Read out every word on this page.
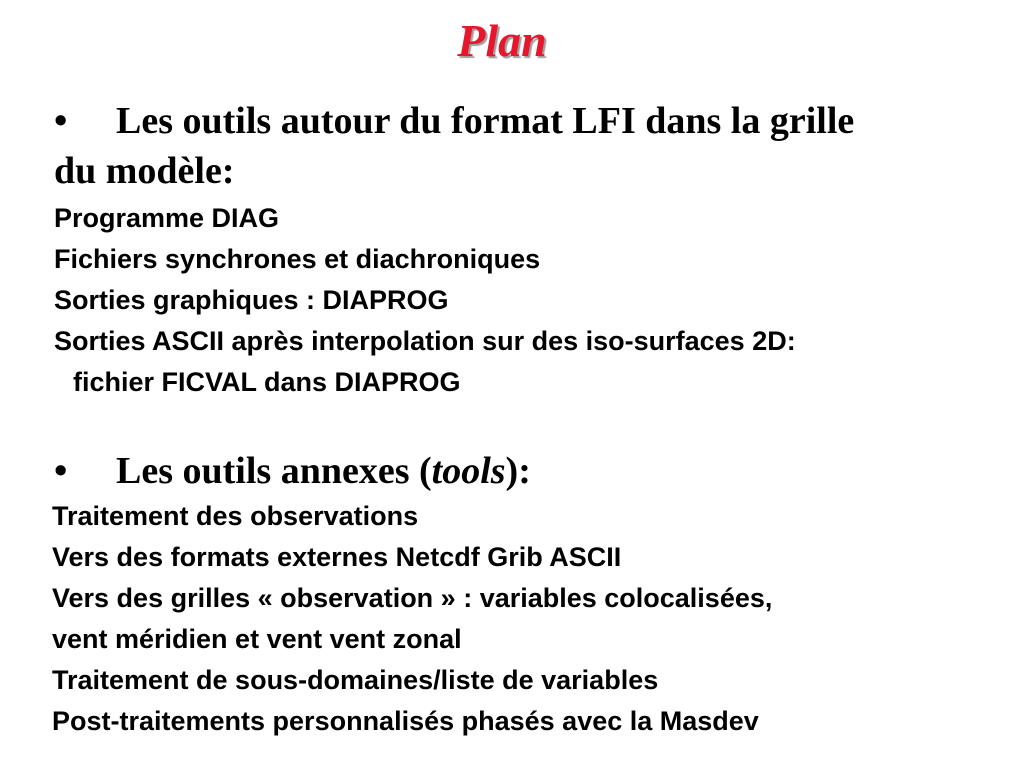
Plan
• Les outils autour du format LFI dans la grille
du modèle:
Programme DIAG
Fichiers synchrones et diachroniques
Sorties graphiques : DIAPROG
Sorties ASCII après interpolation sur des iso-surfaces 2D:
fichier FICVAL dans DIAPROG
• Les outils annexes (tools):
Traitement des observations
Vers des formats externes Netcdf Grib ASCII
Vers des grilles « observation » : variables colocalisées,
vent méridien et vent vent zonal
Traitement de sous-domaines/liste de variables
Post-traitements personnalisés phasés avec la Masdev
